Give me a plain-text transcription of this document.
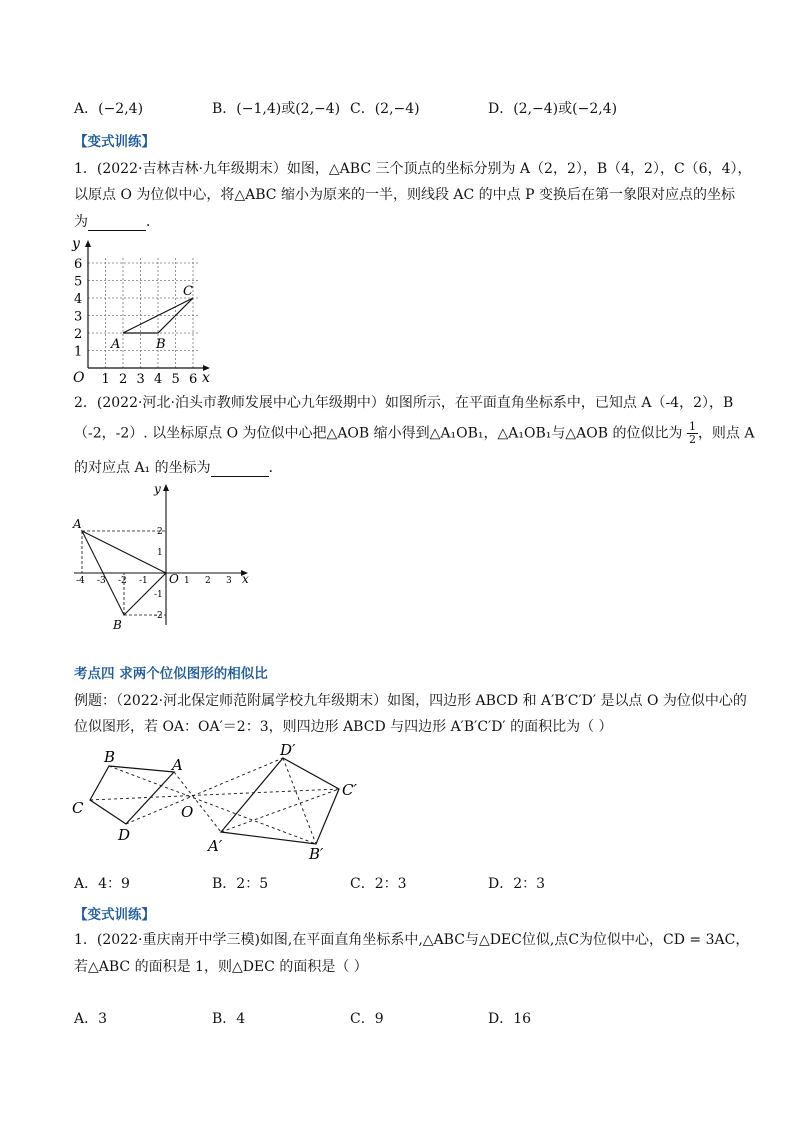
A．(−2,4)	B．(−1,4)或(2,−4) C．(2,−4)	D．(2,−4)或(−2,4)
【变式训练】
1．(2022·吉林吉林·九年级期末）如图，△ABC 三个顶点的坐标分别为 A（2，2），B（4，2），C（6，4），
以原点 O 为位似中心，将△ABC 缩小为原来的一半，则线段 AC 的中点 P 变换后在第一象限对应点的坐标
为	．
y
x
O 1 2 3 4 5 6
1
2
3
4
5
6
A	B
C
2．(2022·河北·泊头市教师发展中心九年级期中）如图所示，在平面直角坐标系中，已知点 A（-4，2），B
（-2，-2）. 以坐标原点 O 为位似中心把△AOB 缩小得到△A₁OB₁，△A₁OB₁与△AOB 的位似比为 $\frac{1}{2}$ ，则点 A
的对应点 A₁ 的坐标为	．
y
x
O
-4 -3 -2 -1	1 2 3
1
2
-1
-2
A
B
考点四 求两个位似图形的相似比
例题：（2022·河北保定师范附属学校九年级期末）如图，四边形 ABCD 和 A′B′C′D′ 是以点 O 为位似中心的
位似图形，若 OA：OA′＝2：3，则四边形 ABCD 与四边形 A′B′C′D′ 的面积比为（ ）
B	A
C
D
O
A′	B′
C′
D′
A．4：9	B．2：5	C．2：3	D．2：3
【变式训练】
1．(2022·重庆南开中学三模)如图,在平面直角坐标系中,△ABC与△DEC位似,点C为位似中心，CD = 3AC，
若△ABC 的面积是 1，则△DEC 的面积是（ ）
A．3	B．4	C．9	D．16
